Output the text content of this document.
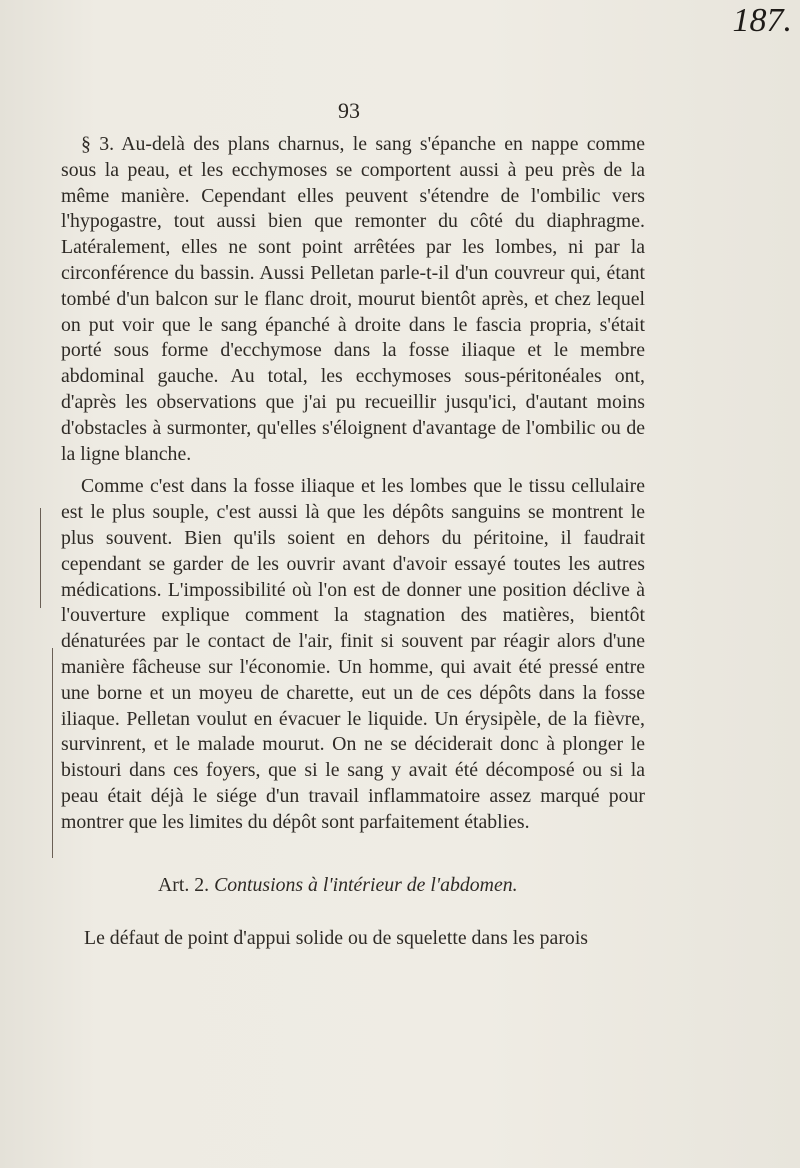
187.
93

§ 3. Au-delà des plans charnus, le sang s'épanche en nappe comme sous la peau, et les ecchymoses se comportent aussi à peu près de la même manière. Cependant elles peuvent s'étendre de l'ombilic vers l'hypogastre, tout aussi bien que remonter du côté du diaphragme. Latéralement, elles ne sont point arrêtées par les lombes, ni par la circonférence du bassin. Aussi Pelletan parle-t-il d'un couvreur qui, étant tombé d'un balcon sur le flanc droit, mourut bientôt après, et chez lequel on put voir que le sang épanché à droite dans le fascia propria, s'était porté sous forme d'ecchymose dans la fosse iliaque et le membre abdominal gauche. Au total, les ecchymoses sous-péritonéales ont, d'après les observations que j'ai pu recueillir jusqu'ici, d'autant moins d'obstacles à surmonter, qu'elles s'éloignent d'avantage de l'ombilic ou de la ligne blanche.

Comme c'est dans la fosse iliaque et les lombes que le tissu cellulaire est le plus souple, c'est aussi là que les dépôts sanguins se montrent le plus souvent. Bien qu'ils soient en dehors du péritoine, il faudrait cependant se garder de les ouvrir avant d'avoir essayé toutes les autres médications. L'impossibilité où l'on est de donner une position déclive à l'ouverture explique comment la stagnation des matières, bientôt dénaturées par le contact de l'air, finit si souvent par réagir alors d'une manière fâcheuse sur l'économie. Un homme, qui avait été pressé entre une borne et un moyeu de charette, eut un de ces dépôts dans la fosse iliaque. Pelletan voulut en évacuer le liquide. Un érysipèle, de la fièvre, survinrent, et le malade mourut. On ne se déciderait donc à plonger le bistouri dans ces foyers, que si le sang y avait été décomposé ou si la peau était déjà le siége d'un travail inflammatoire assez marqué pour montrer que les limites du dépôt sont parfaitement établies.

Art. 2. Contusions à l'intérieur de l'abdomen.
Le défaut de point d'appui solide ou de squelette dans les parois
